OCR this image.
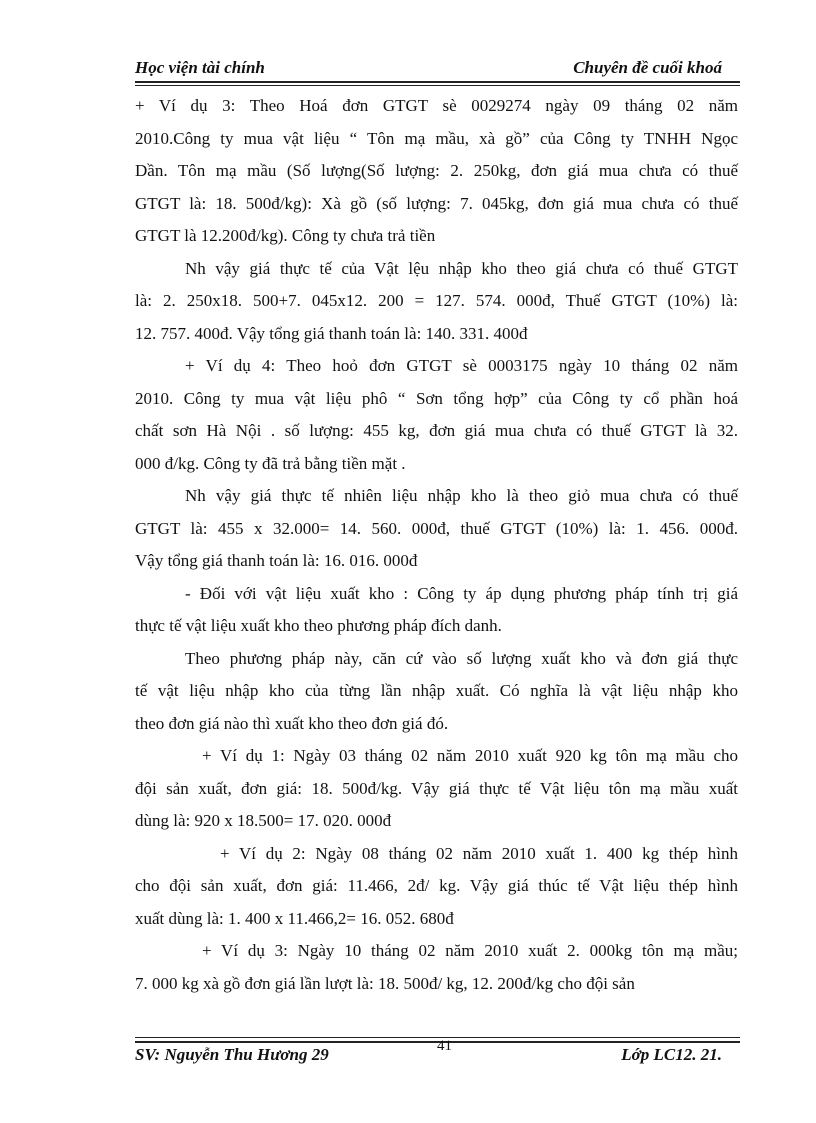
Học viện tài chính	Chuyên đề cuối khoá

+ Ví dụ 3: Theo Hoá đơn GTGT sè 0029274 ngày 09 tháng 02 năm

2010.Công ty mua vật liệu “ Tôn mạ mầu, xà gồ” của Công ty TNHH Ngọc

Dần. Tôn mạ mầu (Số lượng(Số lượng: 2. 250kg, đơn giá mua chưa có thuế

GTGT là: 18. 500đ/kg): Xà gồ (số lượng: 7. 045kg, đơn giá mua chưa có thuế

GTGT là 12.200đ/kg). Công ty chưa trả tiền

Nh vậy giá thực tế của Vật lệu nhập kho theo giá chưa có thuế GTGT

là: 2. 250x18. 500+7. 045x12. 200 = 127. 574. 000đ, Thuế GTGT (10%) là:

12. 757. 400đ. Vậy tổng giá thanh toán là: 140. 331. 400đ

+ Ví dụ 4: Theo hoỏ đơn GTGT sè 0003175 ngày 10 tháng 02 năm

2010. Công ty mua vật liệu phô “ Sơn tổng hợp” của Công ty cổ phần hoá

chất sơn Hà Nội . số lượng: 455 kg, đơn giá mua chưa có thuế GTGT là 32.

000 đ/kg. Công ty đã trả bằng tiền mặt .

Nh vậy giá thực tế nhiên liệu nhập kho là theo giỏ mua chưa có thuế

GTGT là: 455 x 32.000= 14. 560. 000đ, thuế GTGT (10%) là: 1. 456. 000đ.

Vậy tổng giá thanh toán là: 16. 016. 000đ

- Đối với vật liệu xuất kho : Công ty áp dụng phương pháp tính trị giá

thực tế vật liệu xuất kho theo phương pháp đích danh.

Theo phương pháp này, căn cứ vào số lượng xuất kho và đơn giá thực

tế vật liệu nhập kho của từng lần nhập xuất. Có nghĩa là vật liệu nhập kho

theo đơn giá nào thì xuất kho theo đơn giá đó.

+ Ví dụ 1: Ngày 03 tháng 02 năm 2010 xuất 920 kg tôn mạ mầu cho

đội sản xuất, đơn giá: 18. 500đ/kg. Vậy giá thực tế Vật liệu tôn mạ mầu xuất

dùng là: 920 x 18.500= 17. 020. 000đ

+ Ví dụ 2: Ngày 08 tháng 02 năm 2010 xuất 1. 400 kg thép hình

cho đội sản xuất, đơn giá: 11.466, 2đ/ kg. Vậy giá thúc tế Vật liệu thép hình

xuất dùng là: 1. 400 x 11.466,2= 16. 052. 680đ

+ Ví dụ 3: Ngày 10 tháng 02 năm 2010 xuất 2. 000kg tôn mạ mầu;

7. 000 kg xà gồ đơn giá lần lượt là: 18. 500đ/ kg, 12. 200đ/kg cho đội sản

SV: Nguyễn Thu Hương 29	41	Lớp LC12. 21.
